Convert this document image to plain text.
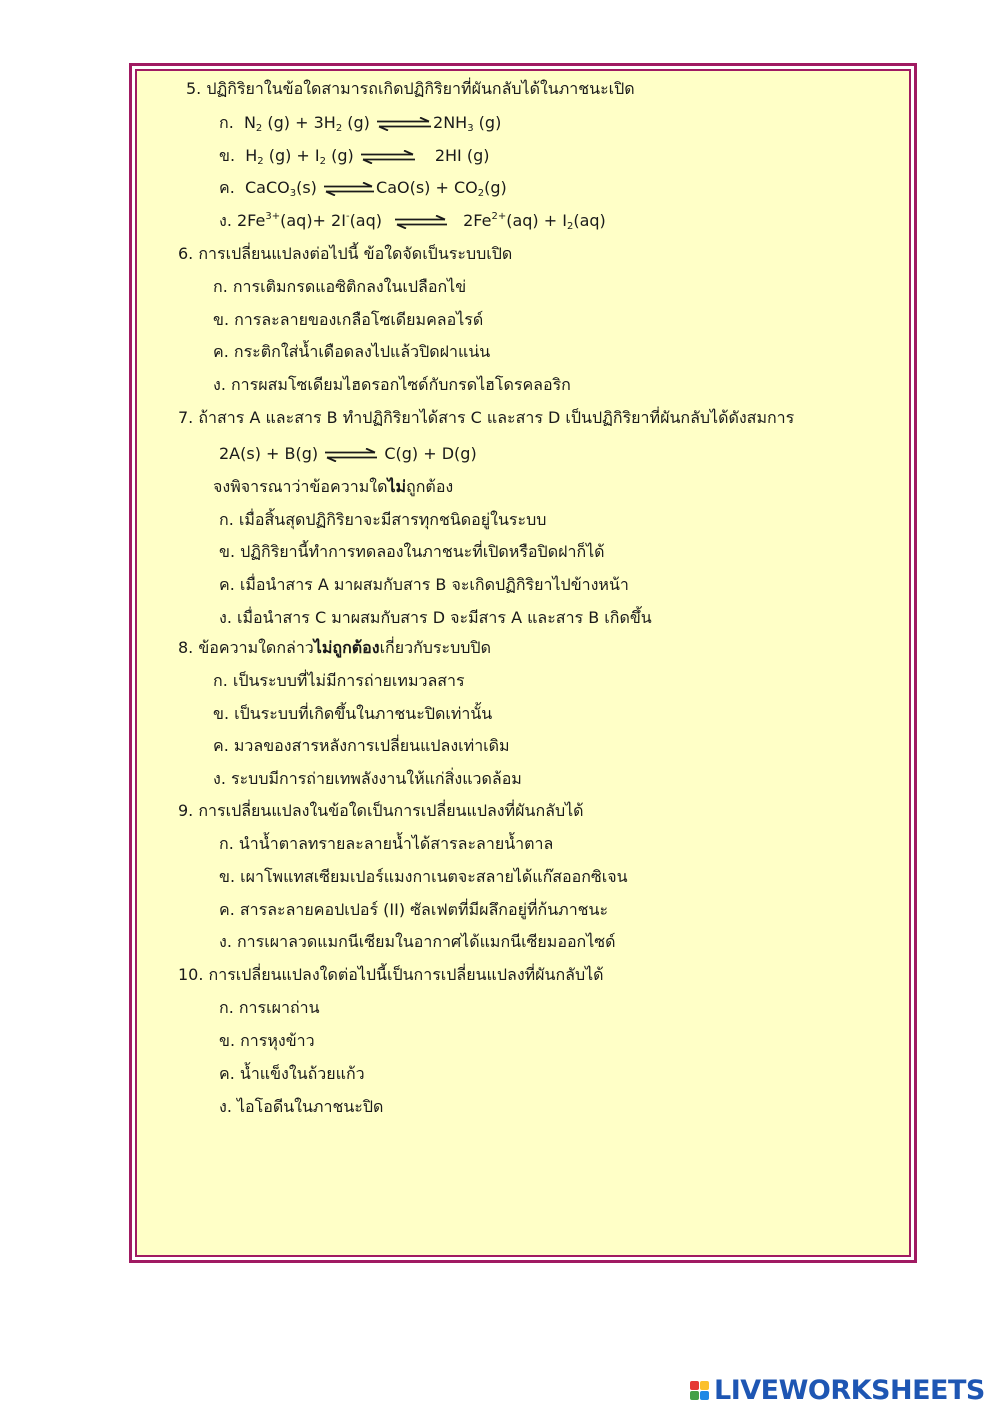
5. ปฏิกิริยาในข้อใดสามารถเกิดปฏิกิริยาที่ผันกลับได้ในภาชนะเปิด
ก. $N_2$ $(g) + 3H_2$ (g) $\rightleftharpoons 2NH_3$ (g)
ข. $H_2$ $(g) + I_2$ (g) ⇌ 2HI (g)
ค. CaCO$_3$(s) ⇌CaO(s) + $CO_2(g)$
ง. $2Fe^{3+}(aq)+ 2I^-(aq)$ ⇌ $2Fe^{2+}(aq) + I_2(aq)$
6. การเปลี่ยนแปลงต่อไปนี้ ข้อใดจัดเป็นระบบเปิด
ก. การเติมกรดแอซิติกลงในเปลือกไข่
ข. การละลายของเกลือโซเดียมคลอไรด์
ค. กระติกใส่น้ำเดือดลงไปแล้วปิดฝาแน่น
ง. การผสมโซเดียมไฮดรอกไซด์กับกรดไฮโดรคลอริก
7. ถ้าสาร A และสาร B ทำปฏิกิริยาได้สาร C และสาร D เป็นปฏิกิริยาที่ผันกลับได้ดังสมการ
2A(s) + B(g) ⇌ C(g) + D(g)
จงพิจารณาว่าข้อความใดไม่ถูกต้อง
ก. เมื่อสิ้นสุดปฏิกิริยาจะมีสารทุกชนิดอยู่ในระบบ
ข. ปฏิกิริยานี้ทำการทดลองในภาชนะที่เปิดหรือปิดฝาก็ได้
ค. เมื่อนำสาร A มาผสมกับสาร B จะเกิดปฏิกิริยาไปข้างหน้า
ง. เมื่อนำสาร C มาผสมกับสาร D จะมีสาร A และสาร B เกิดขึ้น
8. ข้อความใดกล่าวไม่ถูกต้องเกี่ยวกับระบบปิด
ก. เป็นระบบที่ไม่มีการถ่ายเทมวลสาร
ข. เป็นระบบที่เกิดขึ้นในภาชนะปิดเท่านั้น
ค. มวลของสารหลังการเปลี่ยนแปลงเท่าเดิม
ง. ระบบมีการถ่ายเทพลังงานให้แก่สิ่งแวดล้อม
9. การเปลี่ยนแปลงในข้อใดเป็นการเปลี่ยนแปลงที่ผันกลับได้
ก. นำน้ำตาลทรายละลายน้ำได้สารละลายน้ำตาล
ข. เผาโพแทสเซียมเปอร์แมงกาเนตจะสลายได้แก๊สออกซิเจน
ค. สารละลายคอปเปอร์ (II) ซัลเฟตที่มีผลึกอยู่ที่ก้นภาชนะ
ง. การเผาลวดแมกนีเซียมในอากาศได้แมกนีเซียมออกไซด์
10. การเปลี่ยนแปลงใดต่อไปนี้เป็นการเปลี่ยนแปลงที่ผันกลับได้
ก. การเผาถ่าน
ข. การหุงข้าว
ค. น้ำแข็งในถ้วยแก้ว
ง. ไอโอดีนในภาชนะปิด
LIVEWORKSHEETS
